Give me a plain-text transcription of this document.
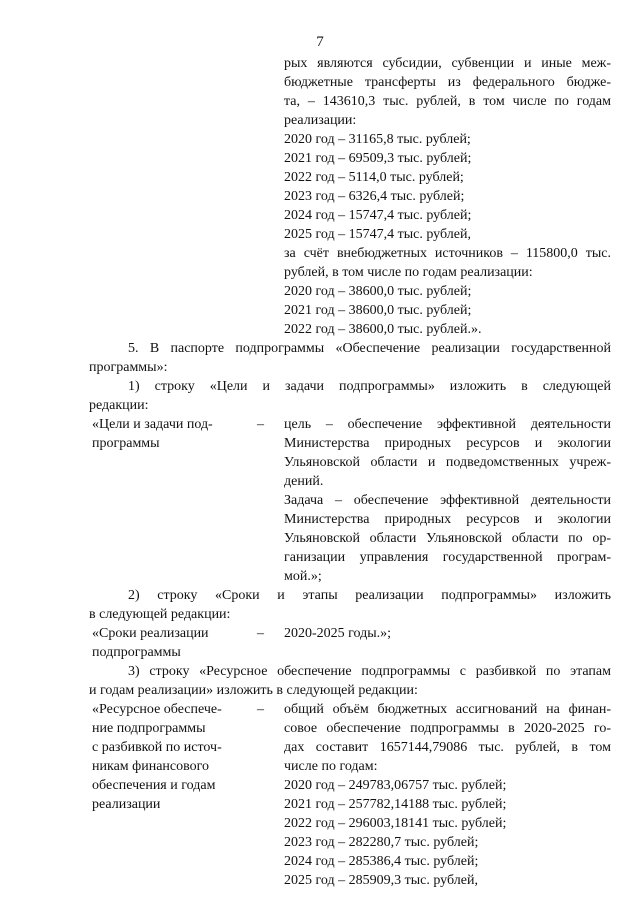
7
рых являются субсидии, субвенции и иные меж-
бюджетные трансферты из федерального бюдже-
та, – 143610,3 тыс. рублей, в том числе по годам
реализации:
2020 год – 31165,8 тыс. рублей;
2021 год – 69509,3 тыс. рублей;
2022 год – 5114,0 тыс. рублей;
2023 год – 6326,4 тыс. рублей;
2024 год – 15747,4 тыс. рублей;
2025 год – 15747,4 тыс. рублей,
за счёт внебюджетных источников – 115800,0 тыс.
рублей, в том числе по годам реализации:
2020 год – 38600,0 тыс. рублей;
2021 год – 38600,0 тыс. рублей;
2022 год – 38600,0 тыс. рублей.».
5. В паспорте подпрограммы «Обеспечение реализации государственной
программы»:
1) строку «Цели и задачи подпрограммы» изложить в следующей
редакции:
«Цели и задачи под-
программы
– цель – обеспечение эффективной деятельности
Министерства природных ресурсов и экологии
Ульяновской области и подведомственных учреж-
дений.
Задача – обеспечение эффективной деятельности
Министерства природных ресурсов и экологии
Ульяновской области Ульяновской области по ор-
ганизации управления государственной програм-
мой.»;
2) строку «Сроки и этапы реализации подпрограммы» изложить
в следующей редакции:
«Сроки реализации
подпрограммы
– 2020-2025 годы.»;
3) строку «Ресурсное обеспечение подпрограммы с разбивкой по этапам
и годам реализации» изложить в следующей редакции:
«Ресурсное обеспече-
ние подпрограммы
с разбивкой по источ-
никам финансового
обеспечения и годам
реализации
– общий объём бюджетных ассигнований на финан-
совое обеспечение подпрограммы в 2020-2025 го-
дах составит 1657144,79086 тыс. рублей, в том
числе по годам:
2020 год – 249783,06757 тыс. рублей;
2021 год – 257782,14188 тыс. рублей;
2022 год – 296003,18141 тыс. рублей;
2023 год – 282280,7 тыс. рублей;
2024 год – 285386,4 тыс. рублей;
2025 год – 285909,3 тыс. рублей,
